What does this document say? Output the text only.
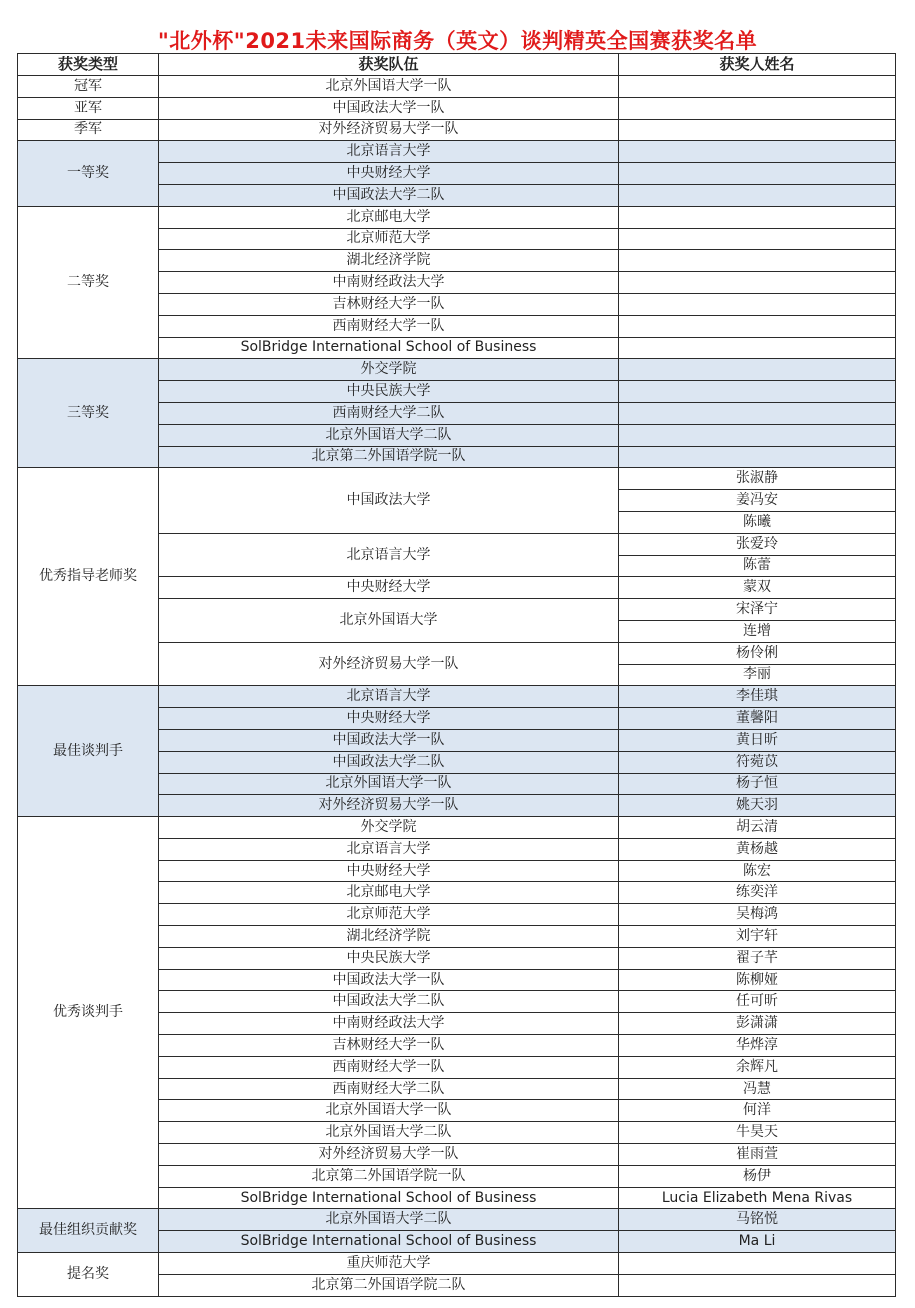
"北外杯"2021未来国际商务（英文）谈判精英全国赛获奖名单
获奖类型	获奖队伍	获奖人姓名
冠军	北京外国语大学一队	
亚军	中国政法大学一队	
季军	对外经济贸易大学一队	
一等奖	北京语言大学	
	中央财经大学	
	中国政法大学二队	
二等奖	北京邮电大学	
	北京师范大学	
	湖北经济学院	
	中南财经政法大学	
	吉林财经大学一队	
	西南财经大学一队	
	SolBridge International School of Business	
三等奖	外交学院	
	中央民族大学	
	西南财经大学二队	
	北京外国语大学二队	
	北京第二外国语学院一队	
优秀指导老师奖	中国政法大学	张淑静
		姜冯安
		陈曦
	北京语言大学	张爱玲
		陈蕾
	中央财经大学	蒙双
	北京外国语大学	宋泽宁
		连增
	对外经济贸易大学一队	杨伶俐
		李丽
最佳谈判手	北京语言大学	李佳琪
	中央财经大学	董馨阳
	中国政法大学一队	黄日昕
	中国政法大学二队	符菀苡
	北京外国语大学一队	杨子恒
	对外经济贸易大学一队	姚天羽
优秀谈判手	外交学院	胡云清
	北京语言大学	黄杨越
	中央财经大学	陈宏
	北京邮电大学	练奕洋
	北京师范大学	吴梅鸿
	湖北经济学院	刘宇轩
	中央民族大学	翟子芊
	中国政法大学一队	陈柳娅
	中国政法大学二队	任可昕
	中南财经政法大学	彭潇潇
	吉林财经大学一队	华烨淳
	西南财经大学一队	余辉凡
	西南财经大学二队	冯慧
	北京外国语大学一队	何洋
	北京外国语大学二队	牛昊天
	对外经济贸易大学一队	崔雨萱
	北京第二外国语学院一队	杨伊
	SolBridge International School of Business	Lucia Elizabeth Mena Rivas
最佳组织贡献奖	北京外国语大学二队	马铭悦
	SolBridge International School of Business	Ma Li
提名奖	重庆师范大学	
	北京第二外国语学院二队	
